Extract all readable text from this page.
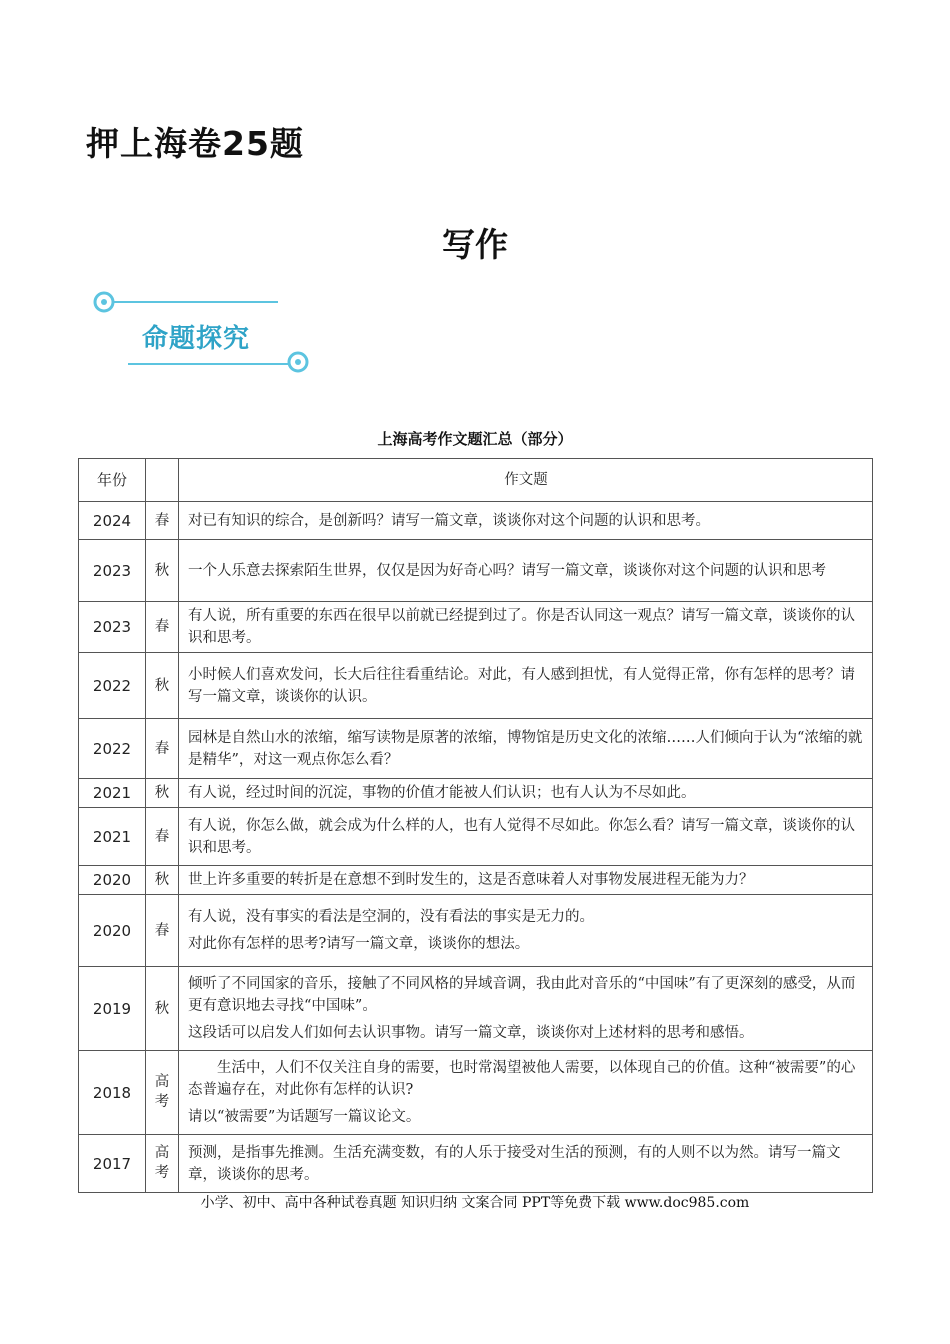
押上海卷25题
写作
命题探究
上海高考作文题汇总（部分）
年份		作文题
2024	春	对已有知识的综合，是创新吗？请写一篇文章，谈谈你对这个问题的认识和思考。

2023	秋	一个人乐意去探索陌生世界，仅仅是因为好奇心吗？请写一篇文章，谈谈你对这个问题的认识和思考

2023	春	有人说，所有重要的东西在很早以前就已经提到过了。你是否认同这一观点？请写一篇文章，谈谈你的认识和思考。

2022	秋	小时候人们喜欢发问，长大后往往看重结论。对此，有人感到担忧，有人觉得正常，你有怎样的思考？请写一篇文章，谈谈你的认识。

2022	春	园林是自然山水的浓缩，缩写读物是原著的浓缩，博物馆是历史文化的浓缩……人们倾向于认为“浓缩的就是精华”，对这一观点你怎么看？

2021	秋	有人说，经过时间的沉淀，事物的价值才能被人们认识；也有人认为不尽如此。

2021	春	有人说，你怎么做，就会成为什么样的人，也有人觉得不尽如此。你怎么看？请写一篇文章，谈谈你的认识和思考。

2020	秋	世上许多重要的转折是在意想不到时发生的，这是否意味着人对事物发展进程无能为力？

2020	春	有人说，没有事实的看法是空洞的，没有看法的事实是无力的。

对此你有怎样的思考?请写一篇文章，谈谈你的想法。

2019	秋	倾听了不同国家的音乐，接触了不同风格的异域音调，我由此对音乐的“中国味”有了更深刻的感受，从而更有意识地去寻找“中国味”。

这段话可以启发人们如何去认识事物。请写一篇文章，谈谈你对上述材料的思考和感悟。

2018	高考	　　生活中，人们不仅关注自身的需要，也时常渴望被他人需要，以体现自己的价值。这种“被需要”的心态普遍存在，对此你有怎样的认识?

请以“被需要”为话题写一篇议论文。

2017	高考	预测，是指事先推测。生活充满变数，有的人乐于接受对生活的预测，有的人则不以为然。请写一篇文章，谈谈你的思考。

小学、初中、高中各种试卷真题 知识归纳 文案合同 PPT等免费下载 www.doc985.com
